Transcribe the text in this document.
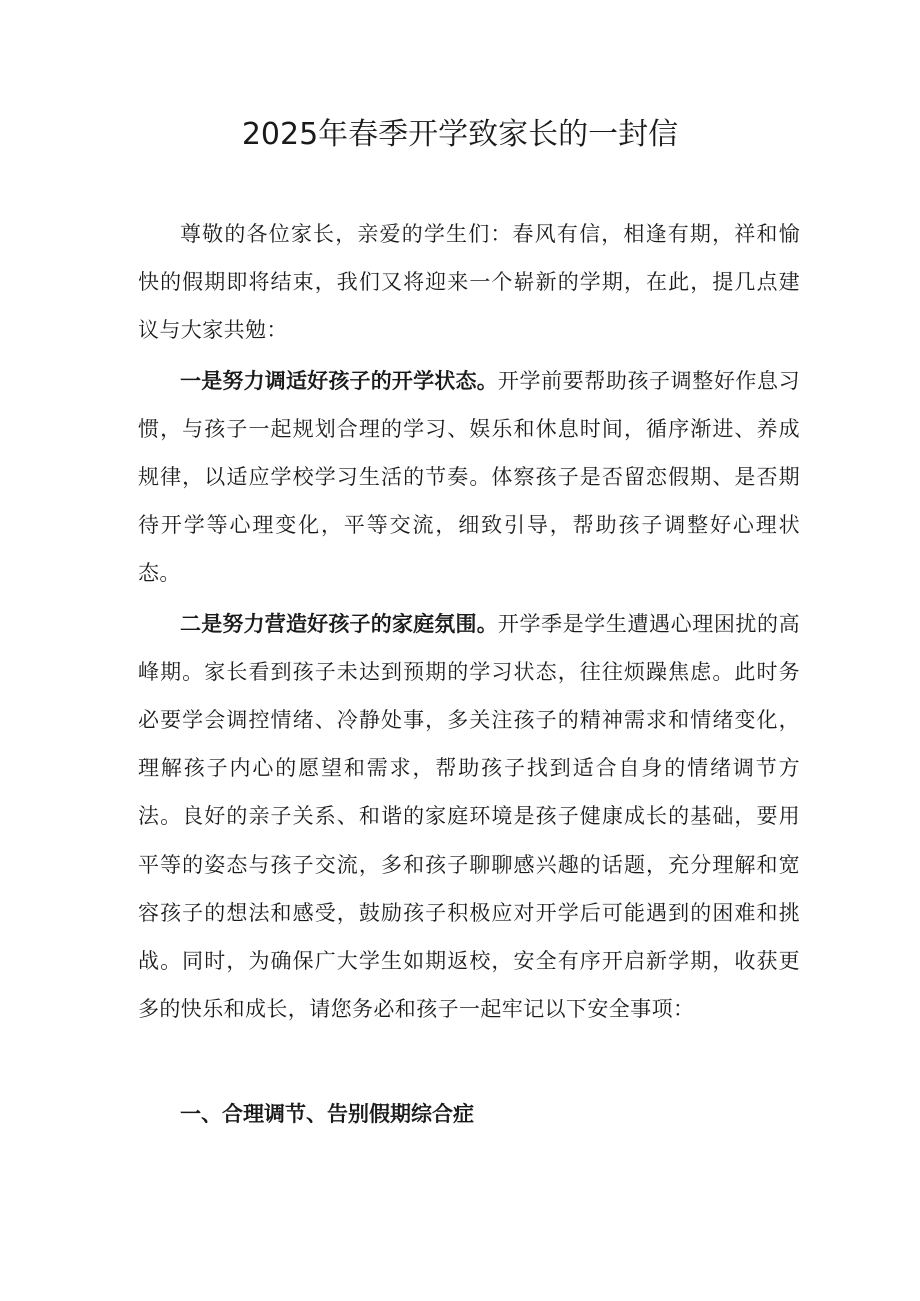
2025年春季开学致家长的一封信

尊敬的各位家长，亲爱的学生们：春风有信，相逢有期，祥和愉快的假期即将结束，我们又将迎来一个崭新的学期，在此，提几点建议与大家共勉：

一是努力调适好孩子的开学状态。开学前要帮助孩子调整好作息习惯，与孩子一起规划合理的学习、娱乐和休息时间，循序渐进、养成规律，以适应学校学习生活的节奏。体察孩子是否留恋假期、是否期待开学等心理变化，平等交流，细致引导，帮助孩子调整好心理状态。

二是努力营造好孩子的家庭氛围。开学季是学生遭遇心理困扰的高峰期。家长看到孩子未达到预期的学习状态，往往烦躁焦虑。此时务必要学会调控情绪、冷静处事，多关注孩子的精神需求和情绪变化，理解孩子内心的愿望和需求，帮助孩子找到适合自身的情绪调节方法。良好的亲子关系、和谐的家庭环境是孩子健康成长的基础，要用平等的姿态与孩子交流，多和孩子聊聊感兴趣的话题，充分理解和宽容孩子的想法和感受，鼓励孩子积极应对开学后可能遇到的困难和挑战。同时，为确保广大学生如期返校，安全有序开启新学期，收获更多的快乐和成长，请您务必和孩子一起牢记以下安全事项：

一、合理调节、告别假期综合症
